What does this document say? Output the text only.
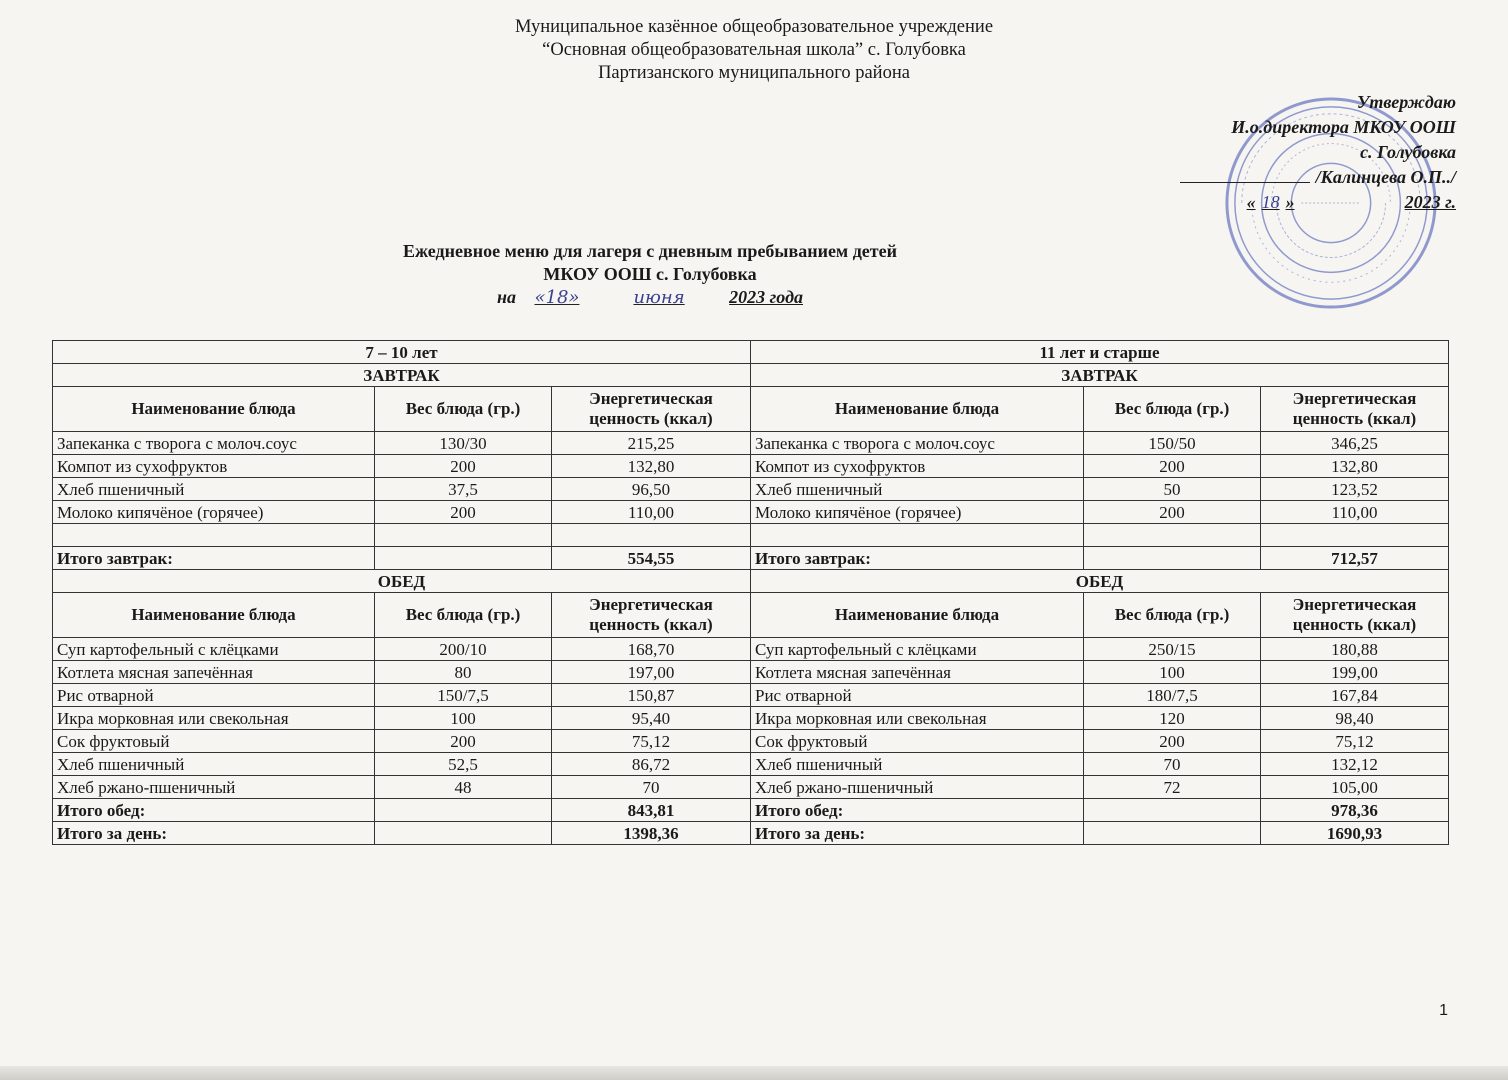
Муниципальное казённое общеобразовательное учреждение
“Основная общеобразовательная школа” с. Голубовка
Партизанского муниципального района
Утверждаю
И.о.директора МКОУ ООШ
с. Голубовка
/Калинцева О.П../
« 18 »	2023 г.
Ежедневное меню для лагеря с дневным пребыванием детей
МКОУ ООШ с. Голубовка
на «18»	июня 2023 года
7 – 10 лет			11 лет и старше		
ЗАВТРАК			ЗАВТРАК		
Наименование блюда	Вес блюда (гр.)	Энергетическая ценность (ккал)	Наименование блюда	Вес блюда (гр.)	Энергетическая ценность (ккал)
Запеканка с творога с молоч.соус	130/30	215,25	Запеканка с творога с молоч.соус	150/50	346,25
Компот из сухофруктов	200	132,80	Компот из сухофруктов	200	132,80
Хлеб пшеничный	37,5	96,50	Хлеб пшеничный	50	123,52
Молоко кипячёное (горячее)	200	110,00	Молоко кипячёное (горячее)	200	110,00

Итого завтрак:		554,55	Итого завтрак:		712,57
ОБЕД			ОБЕД		
Наименование блюда	Вес блюда (гр.)	Энергетическая ценность (ккал)	Наименование блюда	Вес блюда (гр.)	Энергетическая ценность (ккал)
Суп картофельный с клёцками	200/10	168,70	Суп картофельный с клёцками	250/15	180,88
Котлета мясная запечённая	80	197,00	Котлета мясная запечённая	100	199,00
Рис отварной	150/7,5	150,87	Рис отварной	180/7,5	167,84
Икра морковная или свекольная	100	95,40	Икра морковная или свекольная	120	98,40
Сок фруктовый	200	75,12	Сок фруктовый	200	75,12
Хлеб пшеничный	52,5	86,72	Хлеб пшеничный	70	132,12
Хлеб ржано-пшеничный	48	70	Хлеб ржано-пшеничный	72	105,00
Итого обед:		843,81	Итого обед:		978,36
Итого за день:		1398,36	Итого за день:		1690,93
1
